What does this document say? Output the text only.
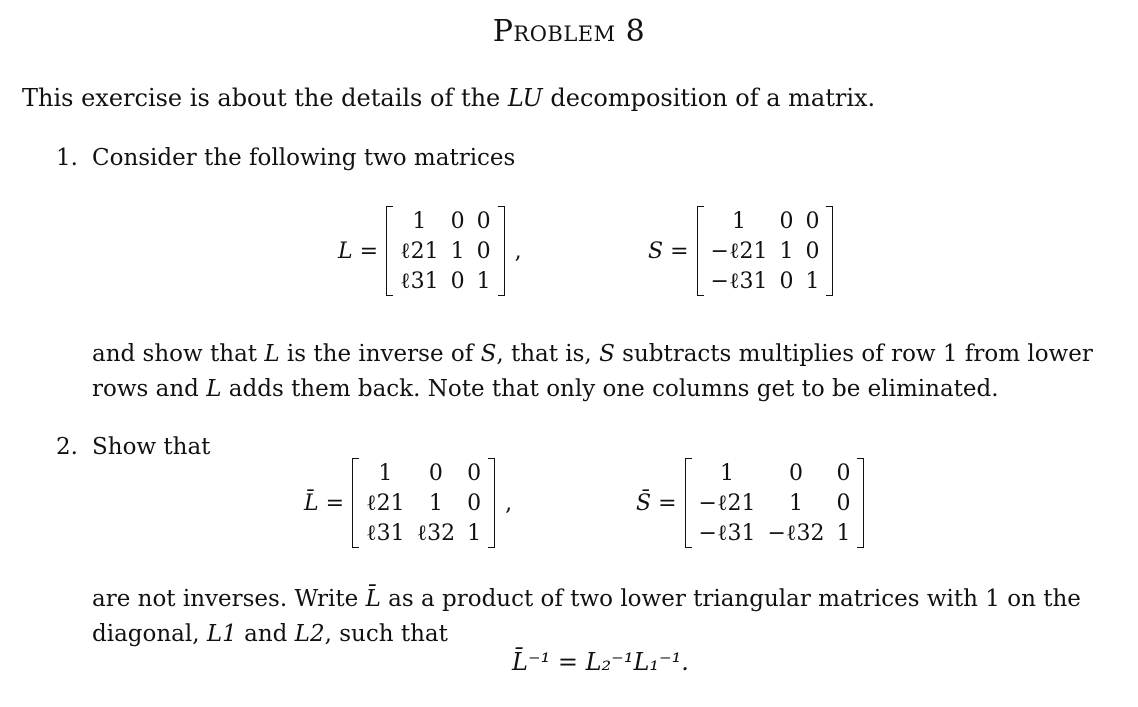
Problem 8
This exercise is about the details of the LU decomposition of a matrix.
1. Consider the following two matrices
L =
1	0	0
ℓ21	1	0
ℓ31	0	1
,	S =
1	0	0
−ℓ21	1	0
−ℓ31	0	1
and show that L is the inverse of S, that is, S subtracts multiplies of row 1 from lower
rows and L adds them back. Note that only one columns get to be eliminated.
2. Show that
L̄ =
1	0	0
ℓ21	1	0
ℓ31	ℓ32	1
,	S̄ =
1	0	0
−ℓ21	1	0
−ℓ31	−ℓ32	1
are not inverses. Write L̄ as a product of two lower triangular matrices with 1 on the
diagonal, L1 and L2, such that
L̄⁻¹ = L₂⁻¹L₁⁻¹.
